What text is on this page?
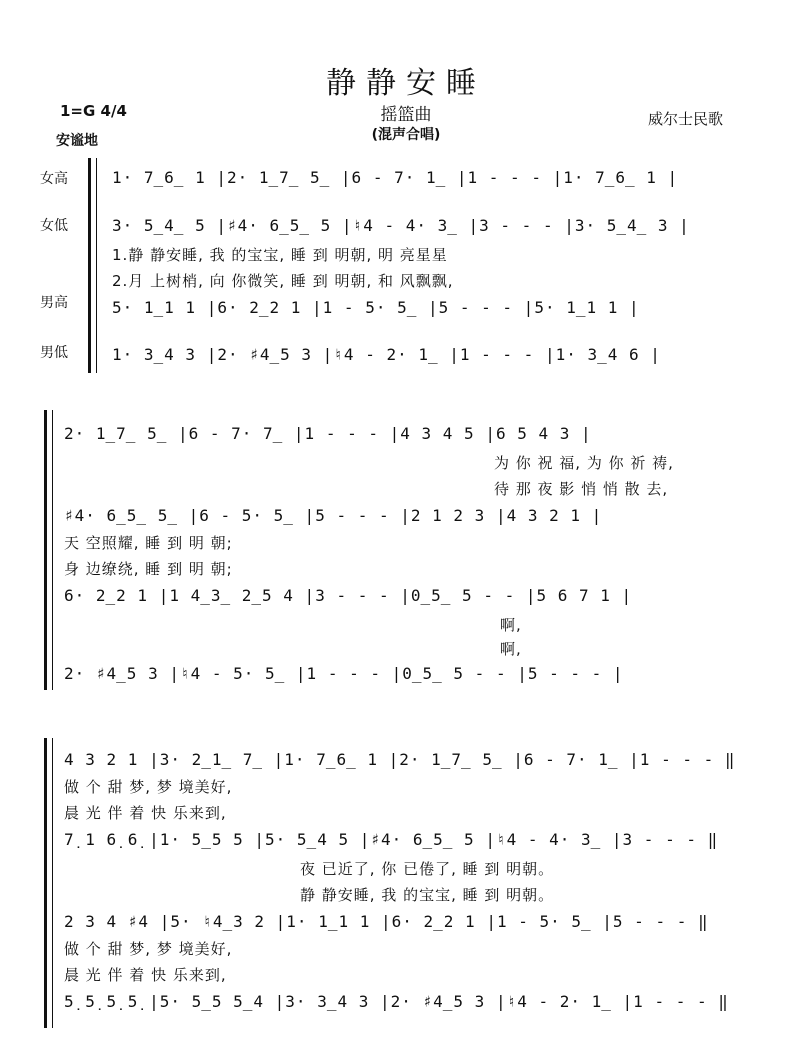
静静安睡
摇篮曲
(混声合唱)
1=G 4/4
安谧地
威尔士民歌
女高
女低
男高
男低
1· 7̲6̲ 1 |2· 1̲7̲ 5̲ |6 - 7· 1̲ |1 - - - |1· 7̲6̲ 1 |
3· 5̲4̲ 5 |♯4· 6̲5̲ 5 |♮4 - 4· 3̲ |3 - - - |3· 5̲4̲ 3 |
1.静 静安睡, 我 的宝宝, 睡 到 明朝, 明 亮星星
2.月 上树梢, 向 你微笑, 睡 到 明朝, 和 风飘飘,
5· 1̲1 1 |6· 2̲2 1 |1 - 5· 5̲ |5 - - - |5· 1̲1 1 |
1· 3̲4 3 |2· ♯4̲5 3 |♮4 - 2· 1̲ |1 - - - |1· 3̲4 6 |
2· 1̲7̲ 5̲ |6 - 7· 7̲ |1 - - - |4 3 4 5 |6 5 4 3 |
为 你 祝 福, 为 你 祈 祷,
待 那 夜 影 悄 悄 散 去,
♯4· 6̲5̲ 5̲ |6 - 5· 5̲ |5 - - - |2 1 2 3 |4 3 2 1 |
天 空照耀, 睡 到 明 朝;
身 边缭绕, 睡 到 明 朝;
6· 2̲2 1 |1 4̲3̲ 2̲5 4 |3 - - - |0̲5̲ 5 - - |5 6 7 1 |
啊,
啊,
2· ♯4̲5 3 |♮4 - 5· 5̲ |1 - - - |0̲5̲ 5 - - |5 - - - |
4 3 2 1 |3· 2̲1̲ 7̲ |1· 7̲6̲ 1 |2· 1̲7̲ 5̲ |6 - 7· 1̲ |1 - - - ‖
做 个 甜 梦, 梦 境美好,
晨 光 伴 着 快 乐来到,
7̣ 1 6̣ 6̣ |1· 5̲5 5 |5· 5̲4 5 |♯4· 6̲5̲ 5 |♮4 - 4· 3̲ |3 - - - ‖
夜 已近了, 你 已倦了, 睡 到 明朝。
静 静安睡, 我 的宝宝, 睡 到 明朝。
2 3 4 ♯4 |5· ♮4̲3 2 |1· 1̲1 1 |6· 2̲2 1 |1 - 5· 5̲ |5 - - - ‖
做 个 甜 梦, 梦 境美好,
晨 光 伴 着 快 乐来到,
5̣ 5̣ 5̣ 5̣ |5· 5̲5 5̲4 |3· 3̲4 3 |2· ♯4̲5 3 |♮4 - 2· 1̲ |1 - - - ‖
